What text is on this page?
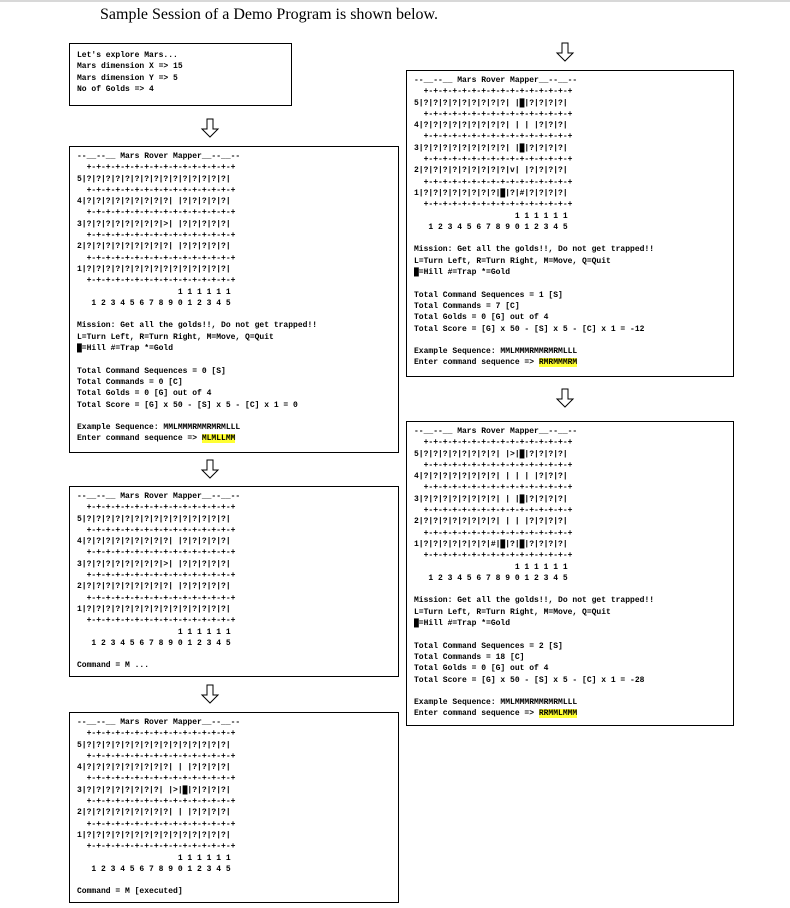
Sample Session of a Demo Program is shown below.
Let's explore Mars...
Mars dimension X => 15
Mars dimension Y => 5
No of Golds => 4
--__--__ Mars Rover Mapper__--__--
+-+-+-+-+-+-+-+-+-+-+-+-+-+-+-+
5|?|?|?|?|?|?|?|?|?|?|?|?|?|?|?|
+-+-+-+-+-+-+-+-+-+-+-+-+-+-+-+
4|?|?|?|?|?|?|?|?|?| |?|?|?|?|?|
+-+-+-+-+-+-+-+-+-+-+-+-+-+-+-+
3|?|?|?|?|?|?|?|?|>| |?|?|?|?|?|
+-+-+-+-+-+-+-+-+-+-+-+-+-+-+-+
2|?|?|?|?|?|?|?|?|?| |?|?|?|?|?|
+-+-+-+-+-+-+-+-+-+-+-+-+-+-+-+
1|?|?|?|?|?|?|?|?|?|?|?|?|?|?|?|
+-+-+-+-+-+-+-+-+-+-+-+-+-+-+-+
1 1 1 1 1 1
1 2 3 4 5 6 7 8 9 0 1 2 3 4 5
Mission: Get all the golds!!, Do not get trapped!!
L=Turn Left, R=Turn Right, M=Move, Q=Quit
█=Hill #=Trap *=Gold
Total Command Sequences = 0 [S]
Total Commands = 0 [C]
Total Golds = 0 [G] out of 4
Total Score = [G] x 50 - [S] x 5 - [C] x 1 = 0
Example Sequence: MMLMMMRMMRMRMLLL
Enter command sequence => MLMLLMM
--__--__ Mars Rover Mapper__--__--
+-+-+-+-+-+-+-+-+-+-+-+-+-+-+-+
5|?|?|?|?|?|?|?|?|?|?|?|?|?|?|?|
+-+-+-+-+-+-+-+-+-+-+-+-+-+-+-+
4|?|?|?|?|?|?|?|?|?| |?|?|?|?|?|
+-+-+-+-+-+-+-+-+-+-+-+-+-+-+-+
3|?|?|?|?|?|?|?|?|>| |?|?|?|?|?|
+-+-+-+-+-+-+-+-+-+-+-+-+-+-+-+
2|?|?|?|?|?|?|?|?|?| |?|?|?|?|?|
+-+-+-+-+-+-+-+-+-+-+-+-+-+-+-+
1|?|?|?|?|?|?|?|?|?|?|?|?|?|?|?|
+-+-+-+-+-+-+-+-+-+-+-+-+-+-+-+
1 1 1 1 1 1
1 2 3 4 5 6 7 8 9 0 1 2 3 4 5
Command = M ...
--__--__ Mars Rover Mapper__--__--
+-+-+-+-+-+-+-+-+-+-+-+-+-+-+-+
5|?|?|?|?|?|?|?|?|?|?|?|?|?|?|?|
+-+-+-+-+-+-+-+-+-+-+-+-+-+-+-+
4|?|?|?|?|?|?|?|?|?| | |?|?|?|?|
+-+-+-+-+-+-+-+-+-+-+-+-+-+-+-+
3|?|?|?|?|?|?|?|?| |>|█|?|?|?|?|
+-+-+-+-+-+-+-+-+-+-+-+-+-+-+-+
2|?|?|?|?|?|?|?|?|?| | |?|?|?|?|
+-+-+-+-+-+-+-+-+-+-+-+-+-+-+-+
1|?|?|?|?|?|?|?|?|?|?|?|?|?|?|?|
+-+-+-+-+-+-+-+-+-+-+-+-+-+-+-+
1 1 1 1 1 1
1 2 3 4 5 6 7 8 9 0 1 2 3 4 5
Command = M [executed]
--__--__ Mars Rover Mapper__--__--
+-+-+-+-+-+-+-+-+-+-+-+-+-+-+-+
5|?|?|?|?|?|?|?|?|?| |█|?|?|?|?|
+-+-+-+-+-+-+-+-+-+-+-+-+-+-+-+
4|?|?|?|?|?|?|?|?|?| | | |?|?|?|
+-+-+-+-+-+-+-+-+-+-+-+-+-+-+-+
3|?|?|?|?|?|?|?|?|?| |█|?|?|?|?|
+-+-+-+-+-+-+-+-+-+-+-+-+-+-+-+
2|?|?|?|?|?|?|?|?|?|v| |?|?|?|?|
+-+-+-+-+-+-+-+-+-+-+-+-+-+-+-+
1|?|?|?|?|?|?|?|?|█|?|#|?|?|?|?|
+-+-+-+-+-+-+-+-+-+-+-+-+-+-+-+
1 1 1 1 1 1
1 2 3 4 5 6 7 8 9 0 1 2 3 4 5
Mission: Get all the golds!!, Do not get trapped!!
L=Turn Left, R=Turn Right, M=Move, Q=Quit
█=Hill #=Trap *=Gold
Total Command Sequences = 1 [S]
Total Commands = 7 [C]
Total Golds = 0 [G] out of 4
Total Score = [G] x 50 - [S] x 5 - [C] x 1 = -12
Example Sequence: MMLMMMRMMRMRMLLL
Enter command sequence => RMRMMMRM
--__--__ Mars Rover Mapper__--__--
+-+-+-+-+-+-+-+-+-+-+-+-+-+-+-+
5|?|?|?|?|?|?|?|?| |>|█|?|?|?|?|
+-+-+-+-+-+-+-+-+-+-+-+-+-+-+-+
4|?|?|?|?|?|?|?|?| | | | |?|?|?|
+-+-+-+-+-+-+-+-+-+-+-+-+-+-+-+
3|?|?|?|?|?|?|?|?| | |█|?|?|?|?|
+-+-+-+-+-+-+-+-+-+-+-+-+-+-+-+
2|?|?|?|?|?|?|?|?| | | |?|?|?|?|
+-+-+-+-+-+-+-+-+-+-+-+-+-+-+-+
1|?|?|?|?|?|?|?|#|█|?|█|?|?|?|?|
+-+-+-+-+-+-+-+-+-+-+-+-+-+-+-+
1 1 1 1 1 1
1 2 3 4 5 6 7 8 9 0 1 2 3 4 5
Mission: Get all the golds!!, Do not get trapped!!
L=Turn Left, R=Turn Right, M=Move, Q=Quit
█=Hill #=Trap *=Gold
Total Command Sequences = 2 [S]
Total Commands = 18 [C]
Total Golds = 0 [G] out of 4
Total Score = [G] x 50 - [S] x 5 - [C] x 1 = -28
Example Sequence: MMLMMMRMMRMRMLLL
Enter command sequence => RRMMLMMM
